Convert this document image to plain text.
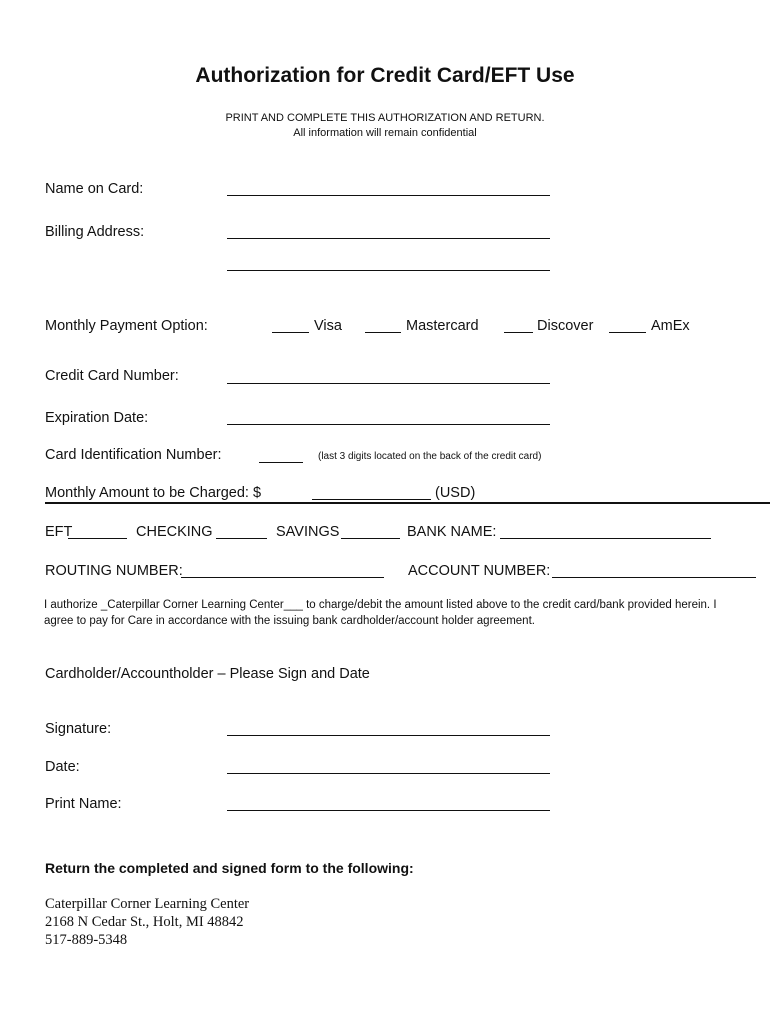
Authorization for Credit Card/EFT Use
PRINT AND COMPLETE THIS AUTHORIZATION AND RETURN.
All information will remain confidential
Name on Card:
Billing Address:
Monthly Payment Option:	Visa	Mastercard	Discover	AmEx
Credit Card Number:
Expiration Date:
Card Identification Number:	(last 3 digits located on the back of the credit card)
Monthly Amount to be Charged: $	(USD)
EFT	CHECKING	SAVINGS	BANK NAME:
ROUTING NUMBER:	ACCOUNT NUMBER:
I authorize _Caterpillar Corner Learning Center___ to charge/debit the amount listed above to the credit card/bank provided herein. I agree to pay for Care in accordance with the issuing bank cardholder/account holder agreement.
Cardholder/Accountholder – Please Sign and Date
Signature:
Date:
Print Name:
Return the completed and signed form to the following:
Caterpillar Corner Learning Center
2168 N Cedar St., Holt, MI 48842
517-889-5348
